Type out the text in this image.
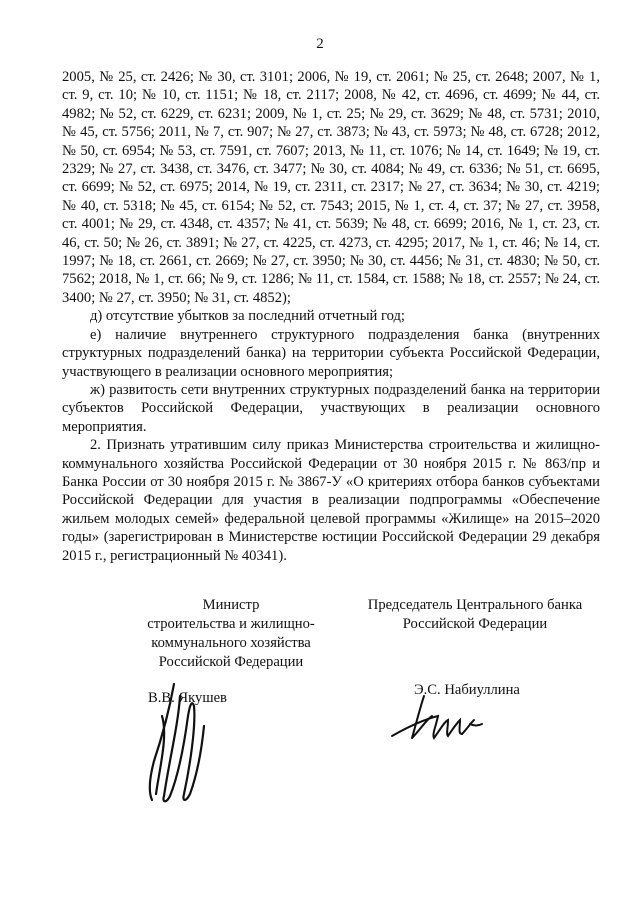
2

2005, № 25, ст. 2426; № 30, ст. 3101; 2006, № 19, ст. 2061; № 25, ст. 2648; 2007, № 1, ст. 9, ст. 10; № 10, ст. 1151; № 18, ст. 2117; 2008, № 42, ст. 4696, ст. 4699; № 44, ст. 4982; № 52, ст. 6229, ст. 6231; 2009, № 1, ст. 25; № 29, ст. 3629; № 48, ст. 5731; 2010, № 45, ст. 5756; 2011, № 7, ст. 907; № 27, ст. 3873; № 43, ст. 5973; № 48, ст. 6728; 2012, № 50, ст. 6954; № 53, ст. 7591, ст. 7607; 2013, № 11, ст. 1076; № 14, ст. 1649; № 19, ст. 2329; № 27, ст. 3438, ст. 3476, ст. 3477; № 30, ст. 4084; № 49, ст. 6336; № 51, ст. 6695, ст. 6699; № 52, ст. 6975; 2014, № 19, ст. 2311, ст. 2317; № 27, ст. 3634; № 30, ст. 4219; № 40, ст. 5318; № 45, ст. 6154; № 52, ст. 7543; 2015, № 1, ст. 4, ст. 37; № 27, ст. 3958, ст. 4001; № 29, ст. 4348, ст. 4357; № 41, ст. 5639; № 48, ст. 6699; 2016, № 1, ст. 23, ст. 46, ст. 50; № 26, ст. 3891; № 27, ст. 4225, ст. 4273, ст. 4295; 2017, № 1, ст. 46; № 14, ст. 1997; № 18, ст. 2661, ст. 2669; № 27, ст. 3950; № 30, ст. 4456; № 31, ст. 4830; № 50, ст. 7562; 2018, № 1, ст. 66; № 9, ст. 1286; № 11, ст. 1584, ст. 1588; № 18, ст. 2557; № 24, ст. 3400; № 27, ст. 3950; № 31, ст. 4852);

д) отсутствие убытков за последний отчетный год;

е) наличие внутреннего структурного подразделения банка (внутренних структурных подразделений банка) на территории субъекта Российской Федерации, участвующего в реализации основного мероприятия;

ж) развитость сети внутренних структурных подразделений банка на территории субъектов Российской Федерации, участвующих в реализации основного мероприятия.

2. Признать утратившим силу приказ Министерства строительства и жилищно-коммунального хозяйства Российской Федерации от 30 ноября 2015 г. № 863/пр и Банка России от 30 ноября 2015 г. № 3867-У «О критериях отбора банков субъектами Российской Федерации для участия в реализации подпрограммы «Обеспечение жильем молодых семей» федеральной целевой программы «Жилище» на 2015–2020 годы» (зарегистрирован в Министерстве юстиции Российской Федерации 29 декабря 2015 г., регистрационный № 40341).

Министр

строительства и жилищно-

коммунального хозяйства

Российской Федерации

Председатель Центрального банка

Российской Федерации

В.В. Якушев	Э.С. Набиуллина
